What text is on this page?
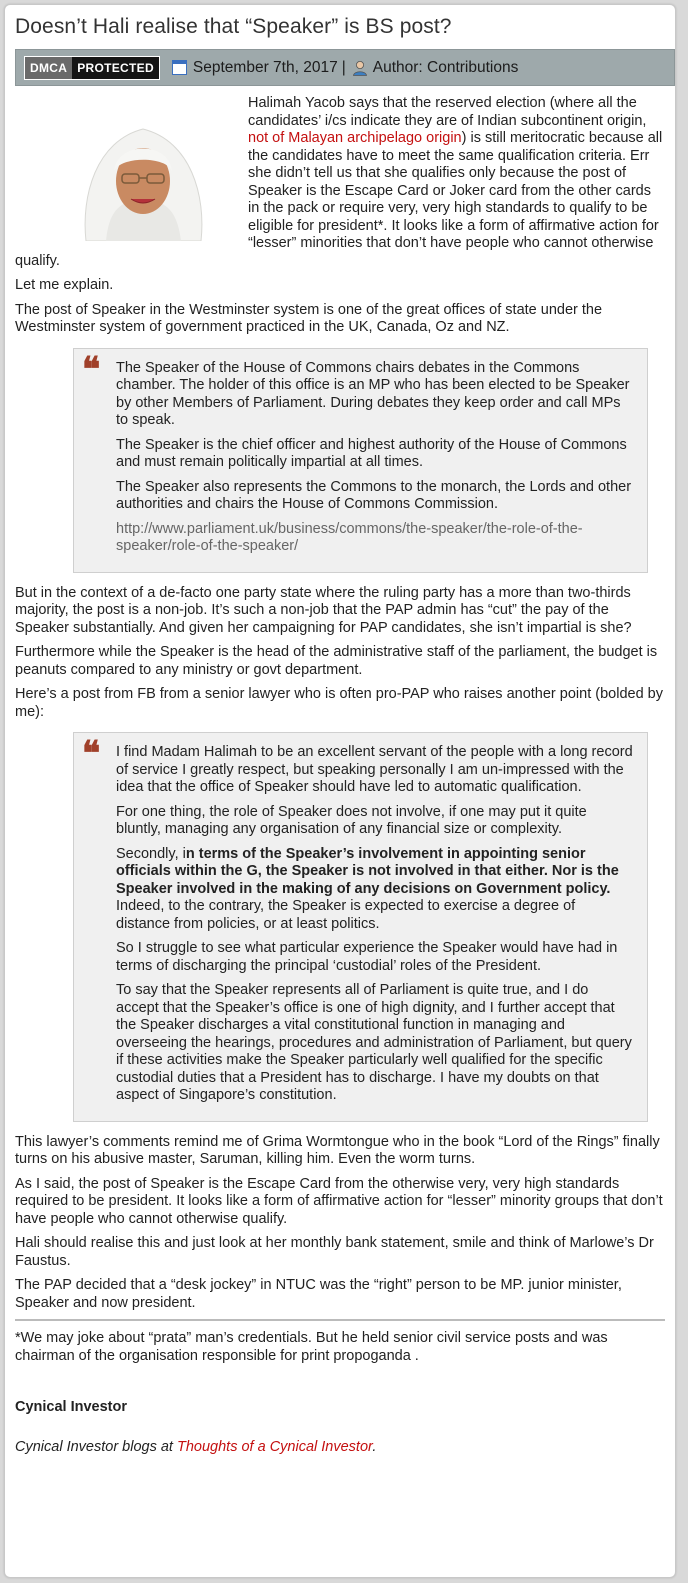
Doesn’t Hali realise that “Speaker” is BS post?
DMCA PROTECTED	September 7th, 2017 | Author: Contributions

Halimah Yacob says that the reserved election (where all the candidates’ i/cs indicate they are of Indian subcontinent origin, not of Malayan archipelago origin) is still meritocratic because all the candidates have to meet the same qualification criteria. Err she didn’t tell us that she qualifies only because the post of Speaker is the Escape Card or Joker card from the other cards in the pack or require very, very high standards to qualify to be eligible for president*. It looks like a form of affirmative action for “lesser” minorities that don’t have people who cannot otherwise qualify.

Let me explain.

The post of Speaker in the Westminster system is one of the great offices of state under the Westminster system of government practiced in the UK, Canada, Oz and NZ.

❝ The Speaker of the House of Commons chairs debates in the Commons chamber. The holder of this office is an MP who has been elected to be Speaker by other Members of Parliament. During debates they keep order and call MPs to speak.

The Speaker is the chief officer and highest authority of the House of Commons and must remain politically impartial at all times.

The Speaker also represents the Commons to the monarch, the Lords and other authorities and chairs the House of Commons Commission.

http://www.parliament.uk/business/commons/the-speaker/the-role-of-the-speaker/role-of-the-speaker/

But in the context of a de-facto one party state where the ruling party has a more than two-thirds majority, the post is a non-job. It’s such a non-job that the PAP admin has “cut” the pay of the Speaker substantially. And given her campaigning for PAP candidates, she isn’t impartial is she?

Furthermore while the Speaker is the head of the administrative staff of the parliament, the budget is peanuts compared to any ministry or govt department.

Here’s a post from FB from a senior lawyer who is often pro-PAP who raises another point (bolded by me):

❝ I find Madam Halimah to be an excellent servant of the people with a long record of service I greatly respect, but speaking personally I am un-impressed with the idea that the office of Speaker should have led to automatic qualification.

For one thing, the role of Speaker does not involve, if one may put it quite bluntly, managing any organisation of any financial size or complexity.

Secondly, in terms of the Speaker’s involvement in appointing senior officials within the G, the Speaker is not involved in that either. Nor is the Speaker involved in the making of any decisions on Government policy. Indeed, to the contrary, the Speaker is expected to exercise a degree of distance from policies, or at least politics.

So I struggle to see what particular experience the Speaker would have had in terms of discharging the principal ‘custodial’ roles of the President.

To say that the Speaker represents all of Parliament is quite true, and I do accept that the Speaker’s office is one of high dignity, and I further accept that the Speaker discharges a vital constitutional function in managing and overseeing the hearings, procedures and administration of Parliament, but query if these activities make the Speaker particularly well qualified for the specific custodial duties that a President has to discharge. I have my doubts on that aspect of Singapore’s constitution.

This lawyer’s comments remind me of Grima Wormtongue who in the book “Lord of the Rings” finally turns on his abusive master, Saruman, killing him. Even the worm turns.

As I said, the post of Speaker is the Escape Card from the otherwise very, very high standards required to be president. It looks like a form of affirmative action for “lesser” minority groups that don’t have people who cannot otherwise qualify.

Hali should realise this and just look at her monthly bank statement, smile and think of Marlowe’s Dr Faustus.

The PAP decided that a “desk jockey” in NTUC was the “right” person to be MP. junior minister, Speaker and now president.

*We may joke about “prata” man’s credentials. But he held senior civil service posts and was chairman of the organisation responsible for print propoganda .

Cynical Investor

Cynical Investor blogs at Thoughts of a Cynical Investor.
